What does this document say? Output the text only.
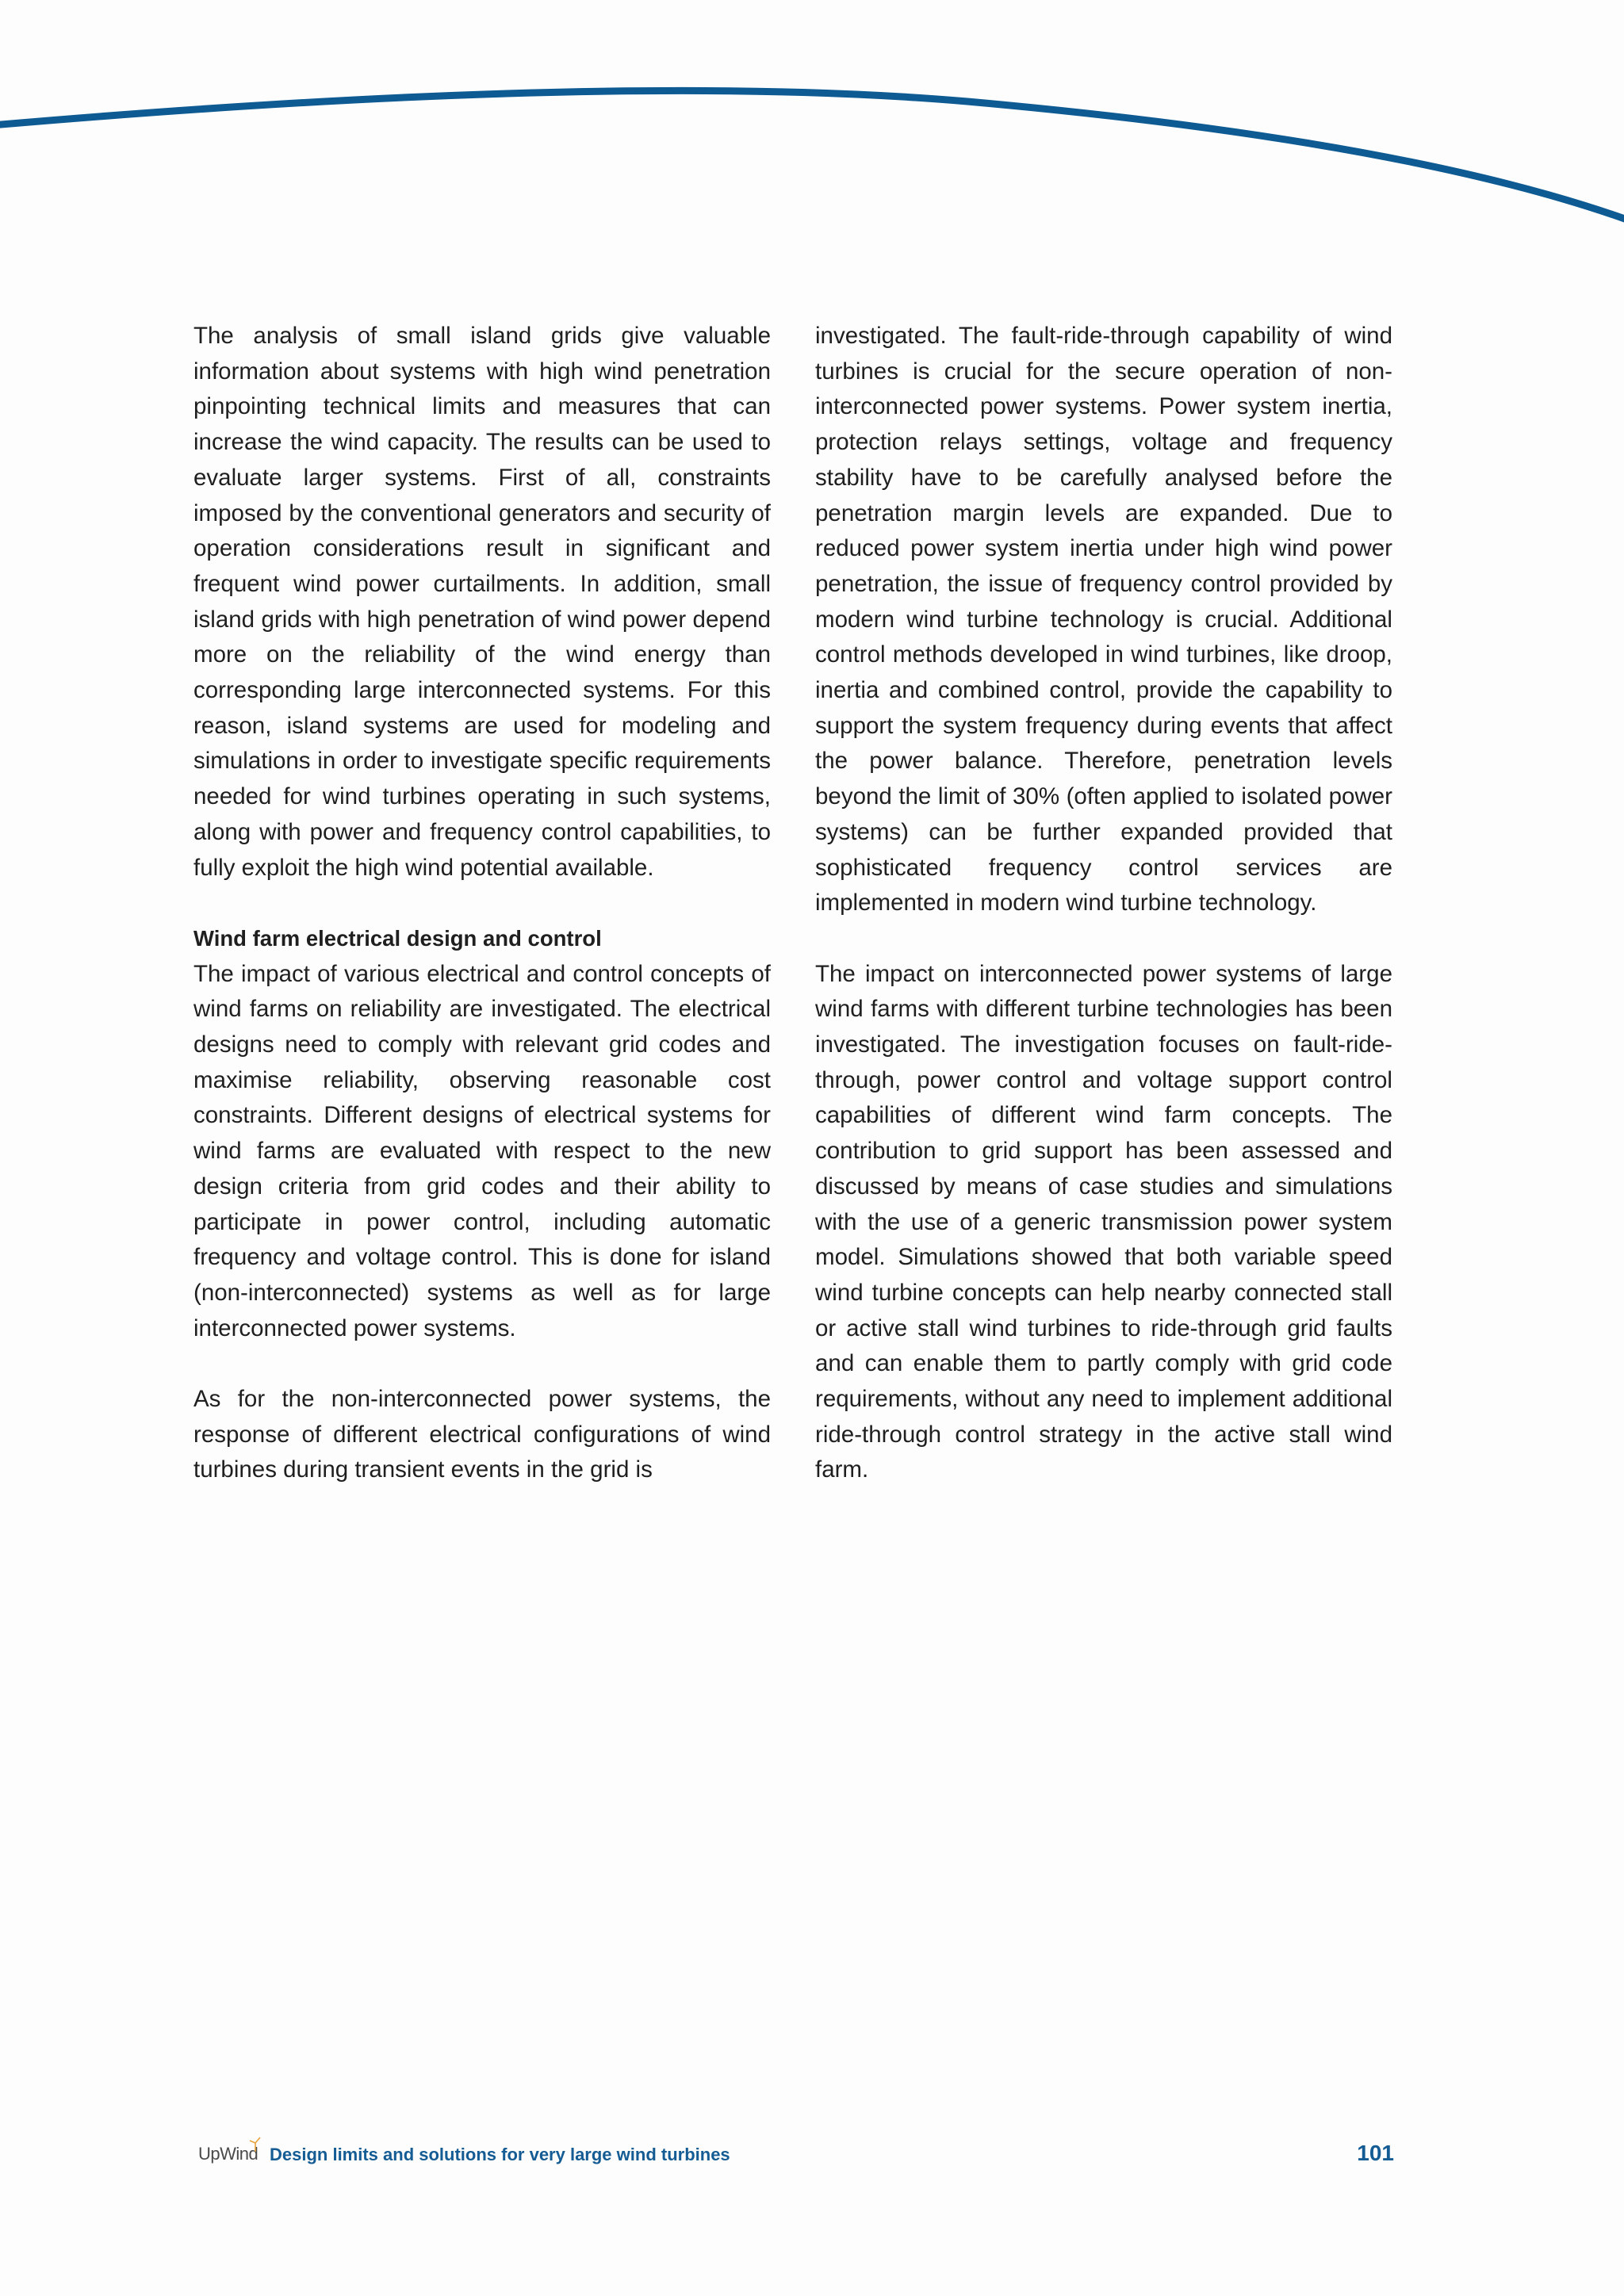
The analysis of small island grids give valuable information about systems with high wind penetration pinpointing technical limits and measures that can increase the wind capacity. The results can be used to evaluate larger systems. First of all, constraints imposed by the conventional generators and security of operation considerations result in significant and frequent wind power curtailments. In addition, small island grids with high penetration of wind power depend more on the reliability of the wind energy than corresponding large interconnected systems. For this reason, island systems are used for modeling and simulations in order to investigate specific requirements needed for wind turbines operating in such systems, along with power and frequency control capabilities, to fully exploit the high wind potential available.

Wind farm electrical design and control

The impact of various electrical and control concepts of wind farms on reliability are investigated. The electrical designs need to comply with relevant grid codes and maximise reliability, observing reasonable cost constraints. Different designs of electrical systems for wind farms are evaluated with respect to the new design criteria from grid codes and their ability to participate in power control, including automatic frequency and voltage control. This is done for island (non-interconnected) systems as well as for large interconnected power systems.

As for the non-interconnected power systems, the response of different electrical configurations of wind turbines during transient events in the grid is

investigated. The fault-ride-through capability of wind turbines is crucial for the secure operation of non-interconnected power systems. Power system inertia, protection relays settings, voltage and frequency stability have to be carefully analysed before the penetration margin levels are expanded. Due to reduced power system inertia under high wind power penetration, the issue of frequency control provided by modern wind turbine technology is crucial. Additional control methods developed in wind turbines, like droop, inertia and combined control, provide the capability to support the system frequency during events that affect the power balance. Therefore, penetration levels beyond the limit of 30% (often applied to isolated power systems) can be further expanded provided that sophisticated frequency control services are implemented in modern wind turbine technology.

The impact on interconnected power systems of large wind farms with different turbine technologies has been investigated. The investigation focuses on fault-ride-through, power control and voltage support control capabilities of different wind farm concepts. The contribution to grid support has been assessed and discussed by means of case studies and simulations with the use of a generic transmission power system model. Simulations showed that both variable speed wind turbine concepts can help nearby connected stall or active stall wind turbines to ride-through grid faults and can enable them to partly comply with grid code requirements, without any need to implement additional ride-through control strategy in the active stall wind farm.

UpWind Design limits and solutions for very large wind turbines	101
